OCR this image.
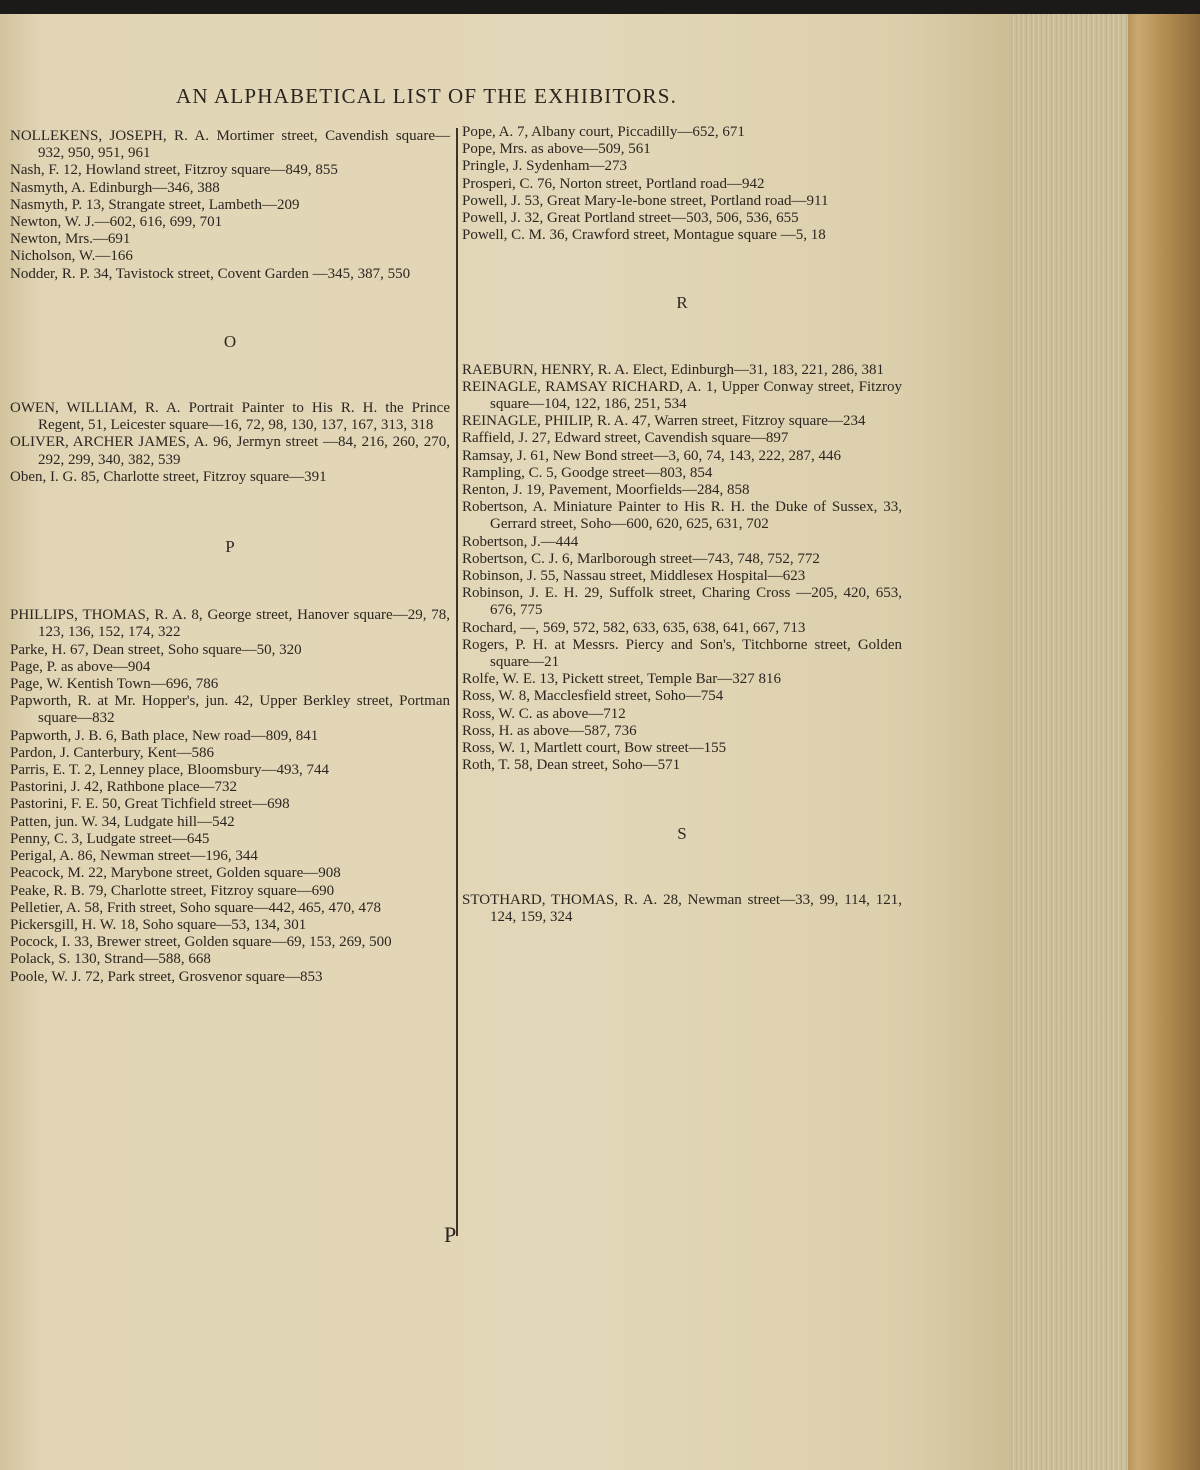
AN ALPHABETICAL LIST OF THE EXHIBITORS.

NOLLEKENS, JOSEPH, R. A. Mortimer street, Cavendish square—932, 950, 951, 961

Nash, F. 12, Howland street, Fitzroy square—849, 855

Nasmyth, A. Edinburgh—346, 388

Nasmyth, P. 13, Strangate street, Lambeth—209

Newton, W. J.—602, 616, 699, 701

Newton, Mrs.—691

Nicholson, W.—166

Nodder, R. P. 34, Tavistock street, Covent Garden —345, 387, 550

O

OWEN, WILLIAM, R. A. Portrait Painter to His R. H. the Prince Regent, 51, Leicester square—16, 72, 98, 130, 137, 167, 313, 318

OLIVER, ARCHER JAMES, A. 96, Jermyn street —84, 216, 260, 270, 292, 299, 340, 382, 539

Oben, I. G. 85, Charlotte street, Fitzroy square—391

P

PHILLIPS, THOMAS, R. A. 8, George street, Hanover square—29, 78, 123, 136, 152, 174, 322

Parke, H. 67, Dean street, Soho square—50, 320

Page, P. as above—904

Page, W. Kentish Town—696, 786

Papworth, R. at Mr. Hopper's, jun. 42, Upper Berkley street, Portman square—832

Papworth, J. B. 6, Bath place, New road—809, 841

Pardon, J. Canterbury, Kent—586

Parris, E. T. 2, Lenney place, Bloomsbury—493, 744

Pastorini, J. 42, Rathbone place—732

Pastorini, F. E. 50, Great Tichfield street—698

Patten, jun. W. 34, Ludgate hill—542

Penny, C. 3, Ludgate street—645

Perigal, A. 86, Newman street—196, 344

Peacock, M. 22, Marybone street, Golden square—908

Peake, R. B. 79, Charlotte street, Fitzroy square—690

Pelletier, A. 58, Frith street, Soho square—442, 465, 470, 478

Pickersgill, H. W. 18, Soho square—53, 134, 301

Pocock, I. 33, Brewer street, Golden square—69, 153, 269, 500

Polack, S. 130, Strand—588, 668

Poole, W. J. 72, Park street, Grosvenor square—853

Pope, A. 7, Albany court, Piccadilly—652, 671

Pope, Mrs. as above—509, 561

Pringle, J. Sydenham—273

Prosperi, C. 76, Norton street, Portland road—942

Powell, J. 53, Great Mary-le-bone street, Portland road—911

Powell, J. 32, Great Portland street—503, 506, 536, 655

Powell, C. M. 36, Crawford street, Montague square —5, 18

R

RAEBURN, HENRY, R. A. Elect, Edinburgh—31, 183, 221, 286, 381

REINAGLE, RAMSAY RICHARD, A. 1, Upper Conway street, Fitzroy square—104, 122, 186, 251, 534

REINAGLE, PHILIP, R. A. 47, Warren street, Fitzroy square—234

Raffield, J. 27, Edward street, Cavendish square—897

Ramsay, J. 61, New Bond street—3, 60, 74, 143, 222, 287, 446

Rampling, C. 5, Goodge street—803, 854

Renton, J. 19, Pavement, Moorfields—284, 858

Robertson, A. Miniature Painter to His R. H. the Duke of Sussex, 33, Gerrard street, Soho—600, 620, 625, 631, 702

Robertson, J.—444

Robertson, C. J. 6, Marlborough street—743, 748, 752, 772

Robinson, J. 55, Nassau street, Middlesex Hospital—623

Robinson, J. E. H. 29, Suffolk street, Charing Cross —205, 420, 653, 676, 775

Rochard, —, 569, 572, 582, 633, 635, 638, 641, 667, 713

Rogers, P. H. at Messrs. Piercy and Son's, Titchborne street, Golden square—21

Rolfe, W. E. 13, Pickett street, Temple Bar—327 816

Ross, W. 8, Macclesfield street, Soho—754

Ross, W. C. as above—712

Ross, H. as above—587, 736

Ross, W. 1, Martlett court, Bow street—155

Roth, T. 58, Dean street, Soho—571

S

STOTHARD, THOMAS, R. A. 28, Newman street—33, 99, 114, 121, 124, 159, 324

P
